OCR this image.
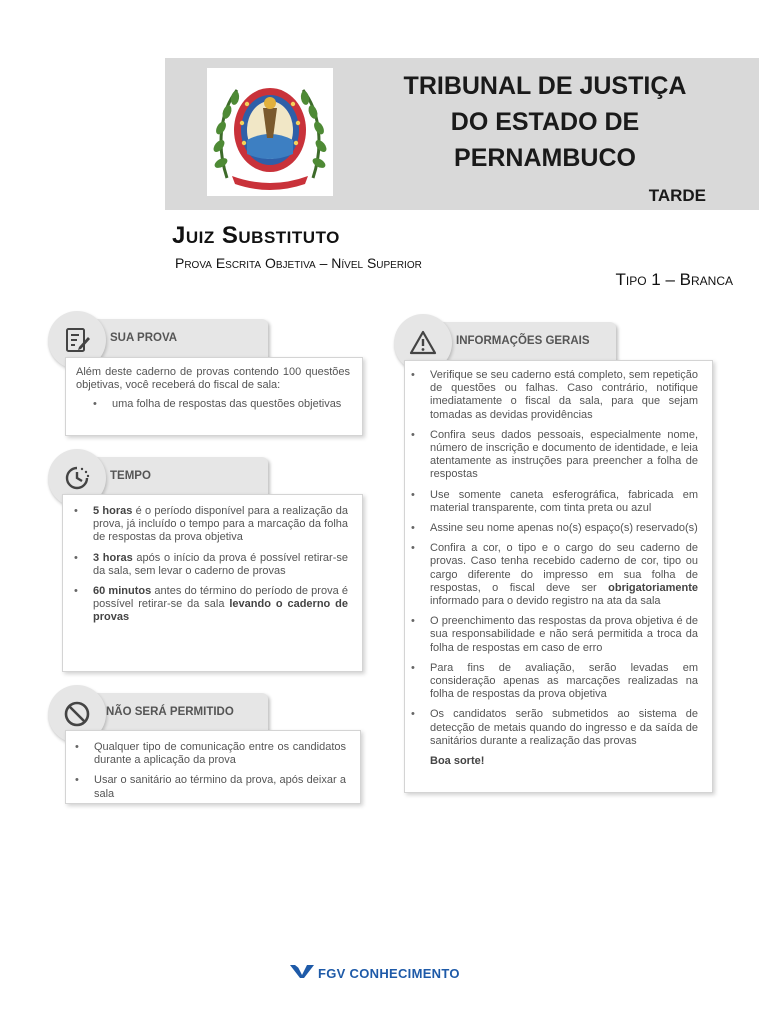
TRIBUNAL DE JUSTIÇA
DO ESTADO DE
PERNAMBUCO
TARDE
Juiz Substituto
Prova Escrita Objetiva – Nível Superior
Tipo 1 – Branca
SUA PROVA
Além deste caderno de provas contendo 100 questões objetivas, você receberá do fiscal de sala:
• uma folha de respostas das questões objetivas
TEMPO
• 5 horas é o período disponível para a realização da prova, já incluído o tempo para a marcação da folha de respostas da prova objetiva
• 3 horas após o início da prova é possível retirar-se da sala, sem levar o caderno de provas
• 60 minutos antes do término do período de prova é possível retirar-se da sala levando o caderno de provas
NÃO SERÁ PERMITIDO
• Qualquer tipo de comunicação entre os candidatos durante a aplicação da prova
• Usar o sanitário ao término da prova, após deixar a sala
INFORMAÇÕES GERAIS
• Verifique se seu caderno está completo, sem repetição de questões ou falhas. Caso contrário, notifique imediatamente o fiscal da sala, para que sejam tomadas as devidas providências
• Confira seus dados pessoais, especialmente nome, número de inscrição e documento de identidade, e leia atentamente as instruções para preencher a folha de respostas
• Use somente caneta esferográfica, fabricada em material transparente, com tinta preta ou azul
• Assine seu nome apenas no(s) espaço(s) reservado(s)
• Confira a cor, o tipo e o cargo do seu caderno de provas. Caso tenha recebido caderno de cor, tipo ou cargo diferente do impresso em sua folha de respostas, o fiscal deve ser obrigatoriamente informado para o devido registro na ata da sala
• O preenchimento das respostas da prova objetiva é de sua responsabilidade e não será permitida a troca da folha de respostas em caso de erro
• Para fins de avaliação, serão levadas em consideração apenas as marcações realizadas na folha de respostas da prova objetiva
• Os candidatos serão submetidos ao sistema de detecção de metais quando do ingresso e da saída de sanitários durante a realização das provas
Boa sorte!
FGV CONHECIMENTO
